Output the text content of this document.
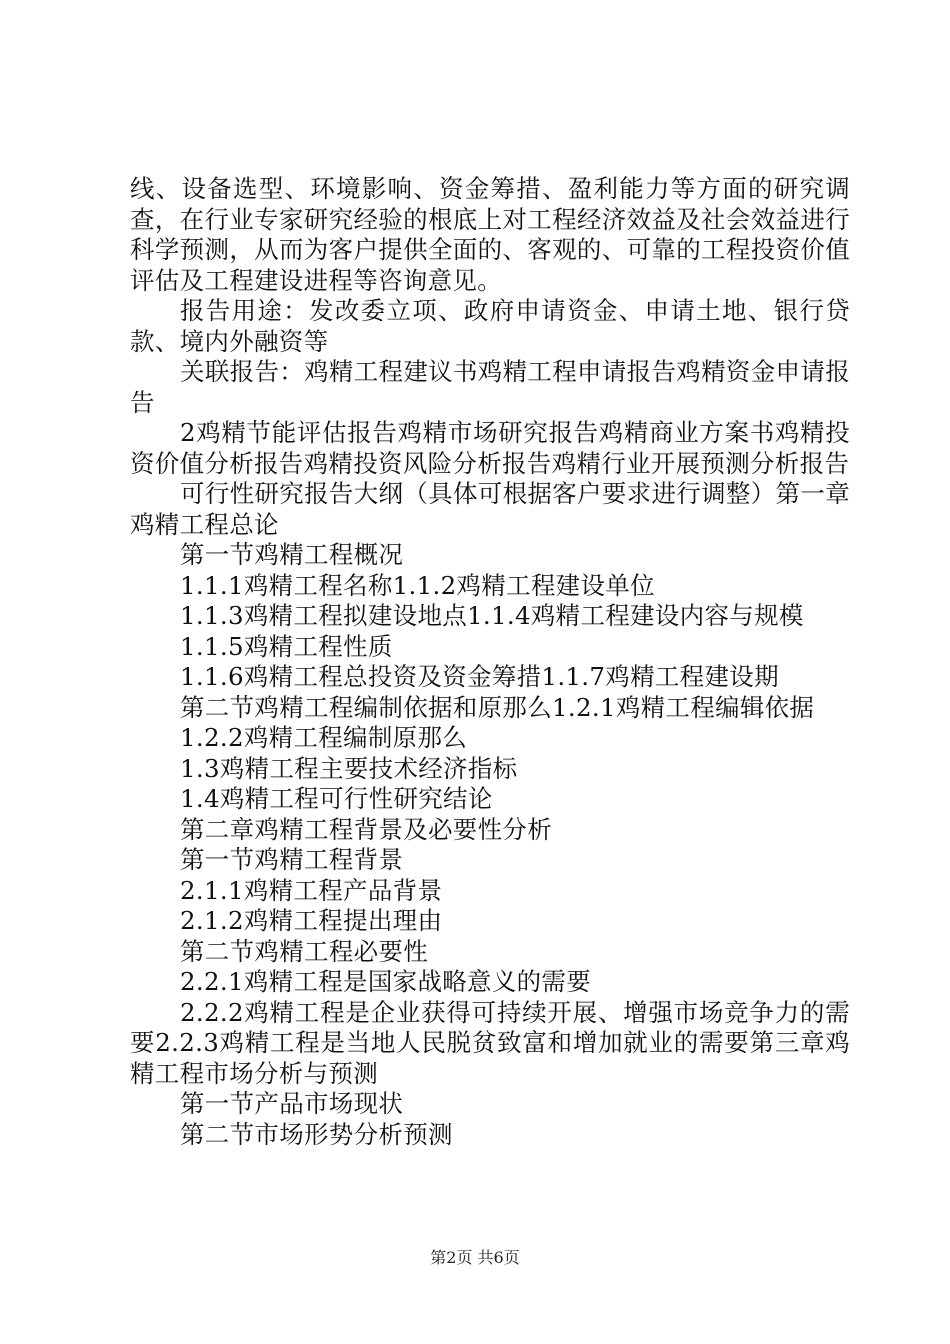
线、设备选型、环境影响、资金筹措、盈利能力等方面的研究调查，在行业专家研究经验的根底上对工程经济效益及社会效益进行科学预测，从而为客户提供全面的、客观的、可靠的工程投资价值评估及工程建设进程等咨询意见。

报告用途：发改委立项、政府申请资金、申请土地、银行贷款、境内外融资等

关联报告：鸡精工程建议书鸡精工程申请报告鸡精资金申请报告

2鸡精节能评估报告鸡精市场研究报告鸡精商业方案书鸡精投资价值分析报告鸡精投资风险分析报告鸡精行业开展预测分析报告

可行性研究报告大纲（具体可根据客户要求进行调整）第一章鸡精工程总论

第一节鸡精工程概况

1.1.1鸡精工程名称1.1.2鸡精工程建设单位

1.1.3鸡精工程拟建设地点1.1.4鸡精工程建设内容与规模

1.1.5鸡精工程性质

1.1.6鸡精工程总投资及资金筹措1.1.7鸡精工程建设期

第二节鸡精工程编制依据和原那么1.2.1鸡精工程编辑依据

1.2.2鸡精工程编制原那么

1.3鸡精工程主要技术经济指标

1.4鸡精工程可行性研究结论

第二章鸡精工程背景及必要性分析

第一节鸡精工程背景

2.1.1鸡精工程产品背景

2.1.2鸡精工程提出理由

第二节鸡精工程必要性

2.2.1鸡精工程是国家战略意义的需要

2.2.2鸡精工程是企业获得可持续开展、增强市场竞争力的需要2.2.3鸡精工程是当地人民脱贫致富和增加就业的需要第三章鸡精工程市场分析与预测

第一节产品市场现状

第二节市场形势分析预测

第2页 共6页
